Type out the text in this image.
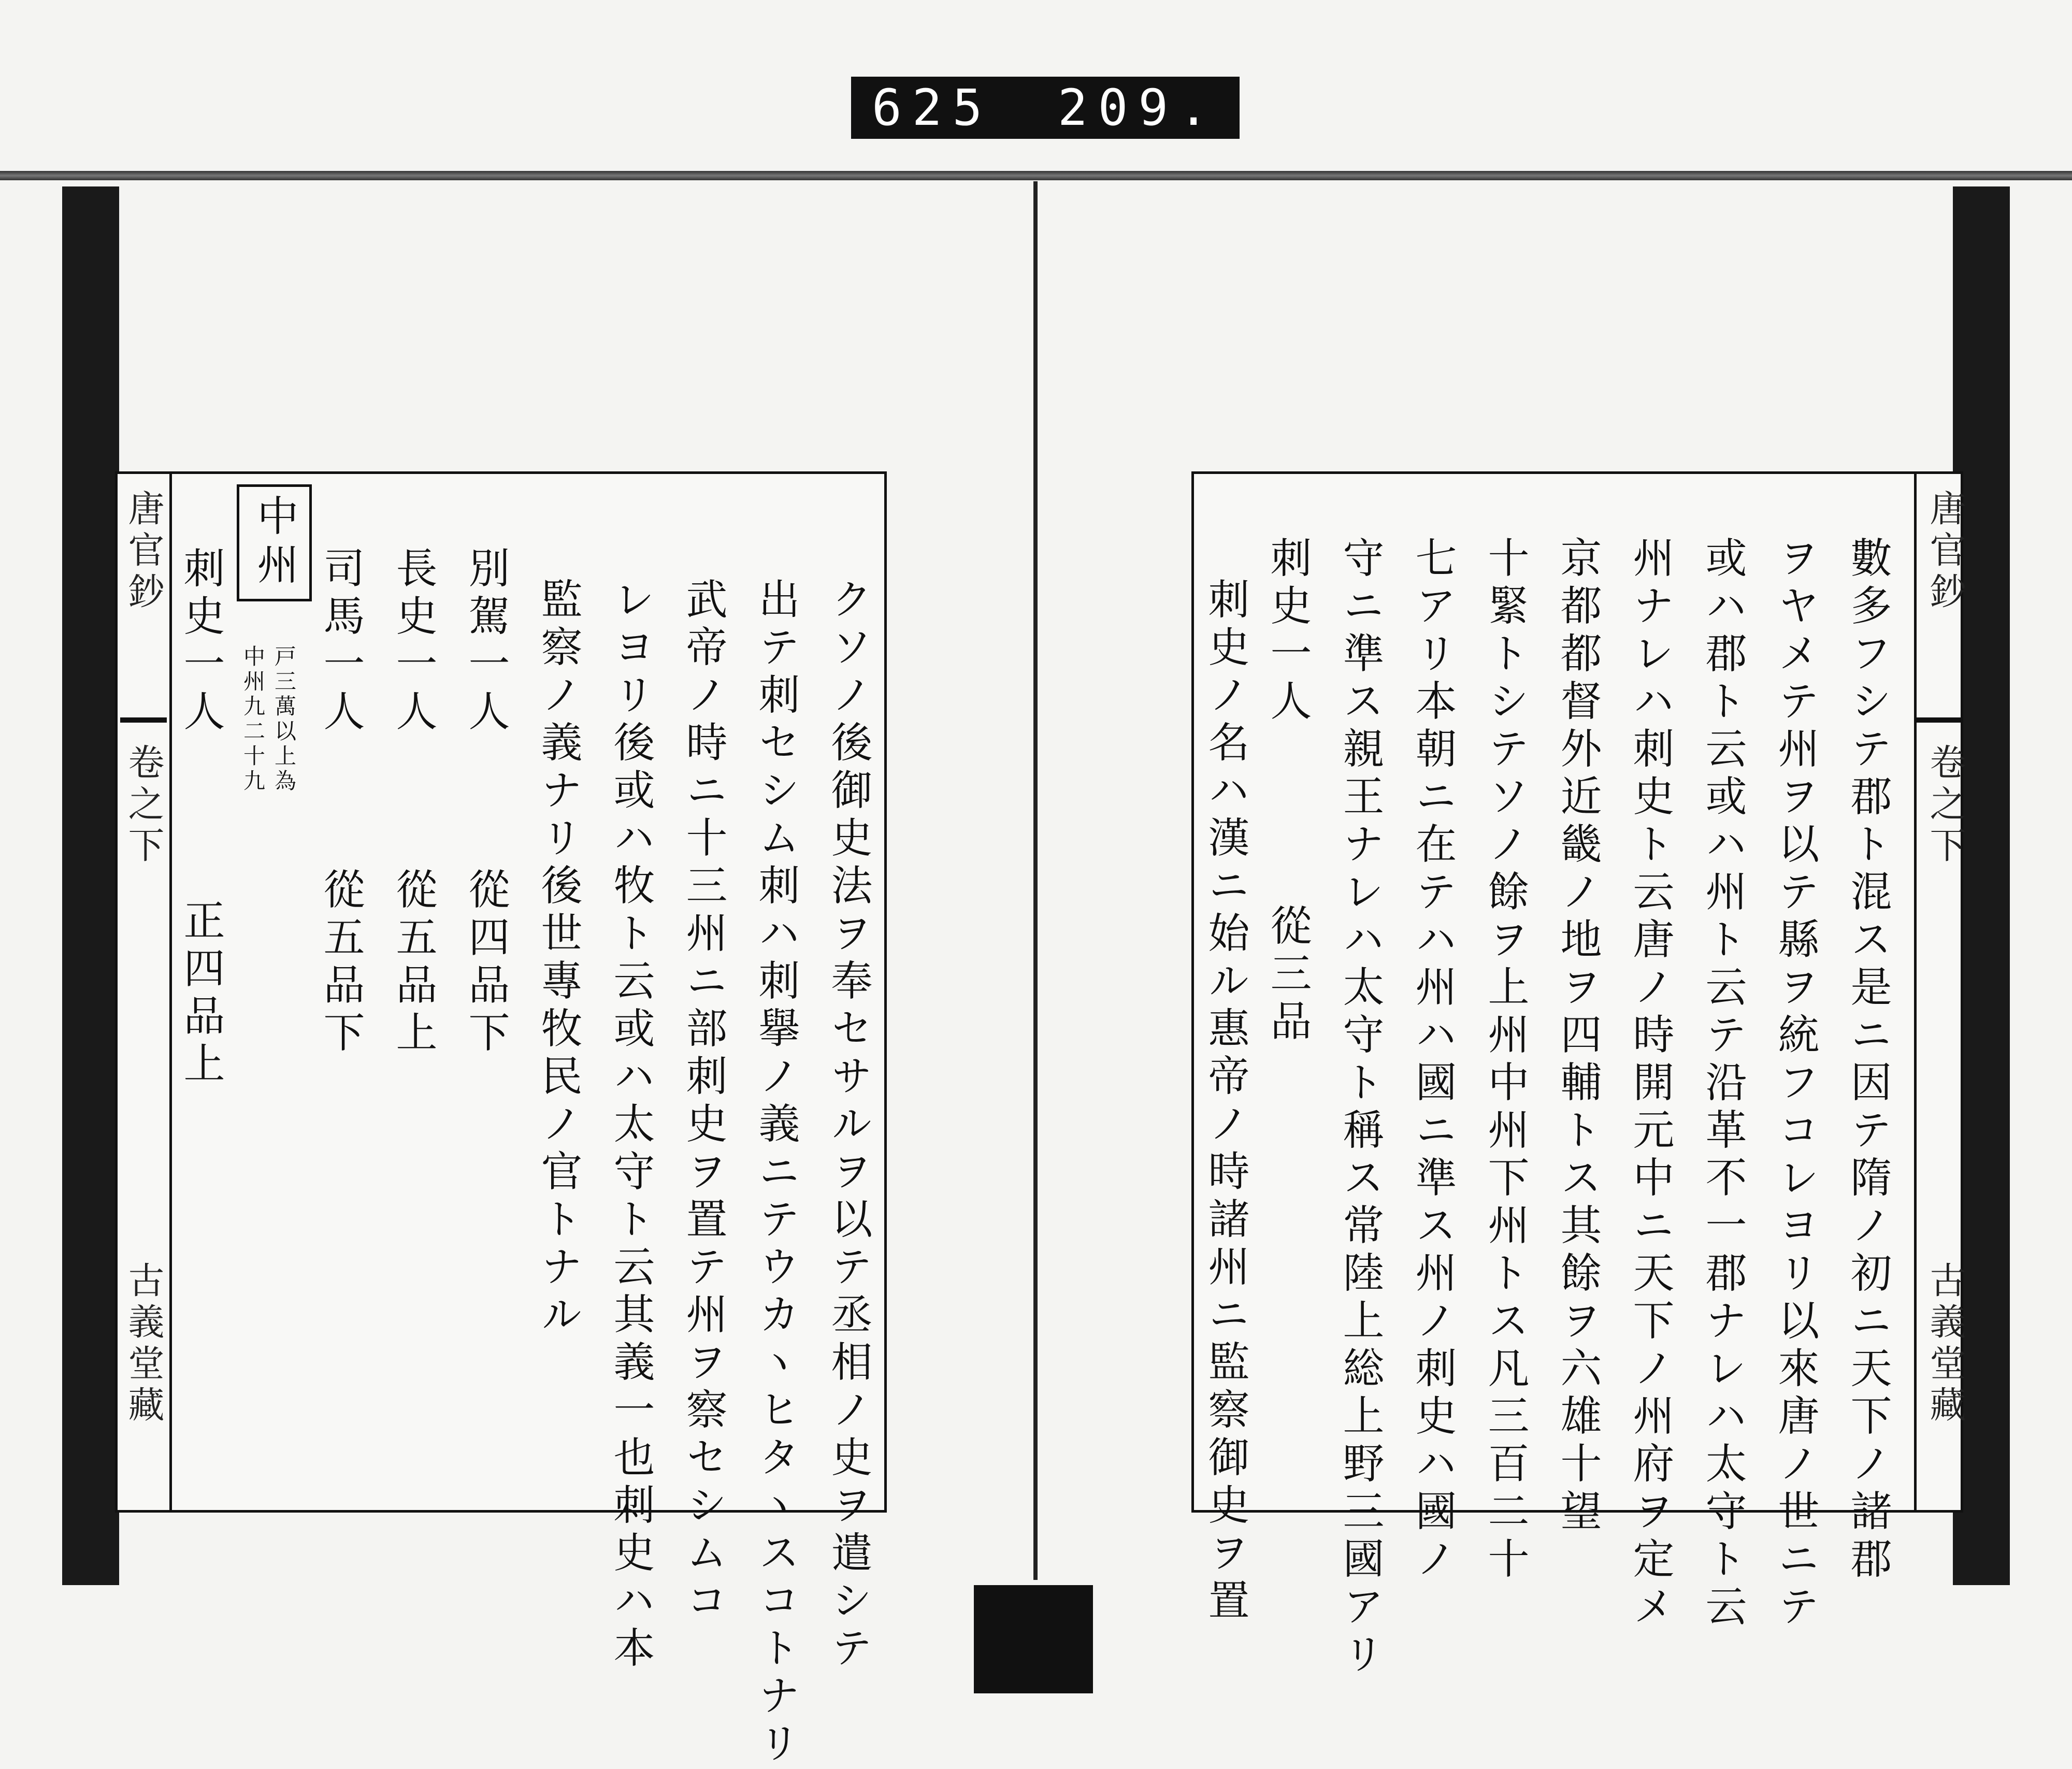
625 209.
唐官鈔
卷之下
古義堂藏	クソノ後御史法ヲ奉セサルヲ以テ丞相ノ史ヲ遣シテ
出テ刺セシム刺ハ刺擧ノ義ニテウカヽヒタヽスコトナリ
武帝ノ時ニ十三州ニ部刺史ヲ置テ州ヲ察セシムコ
レヨリ後或ハ牧ト云或ハ太守ト云其義一也刺史ハ本
監察ノ義ナリ後世專牧民ノ官トナル
別駕一人
從四品下
長史一人
從五品上
司馬一人
從五品下
中州
戸三萬以上為
中州九二十九
刺史一人
正四品上
唐官鈔
卷之下
古義堂藏
數多フシテ郡ト混ス是ニ因テ隋ノ初ニ天下ノ諸郡
ヲヤメテ州ヲ以テ縣ヲ統フコレヨリ以來唐ノ世ニテ
或ハ郡ト云或ハ州ト云テ沿革不一郡ナレハ太守ト云
州ナレハ刺史ト云唐ノ時開元中ニ天下ノ州府ヲ定メ
京都都督外近畿ノ地ヲ四輔トス其餘ヲ六雄十望
十緊トシテソノ餘ヲ上州中州下州トス凡三百二十
七アリ本朝ニ在テハ州ハ國ニ準ス州ノ刺史ハ國ノ
守ニ準ス親王ナレハ太守ト稱ス常陸上総上野三國アリ
刺史一人
從三品
刺史ノ名ハ漢ニ始ル惠帝ノ時諸州ニ監察御史ヲ置
